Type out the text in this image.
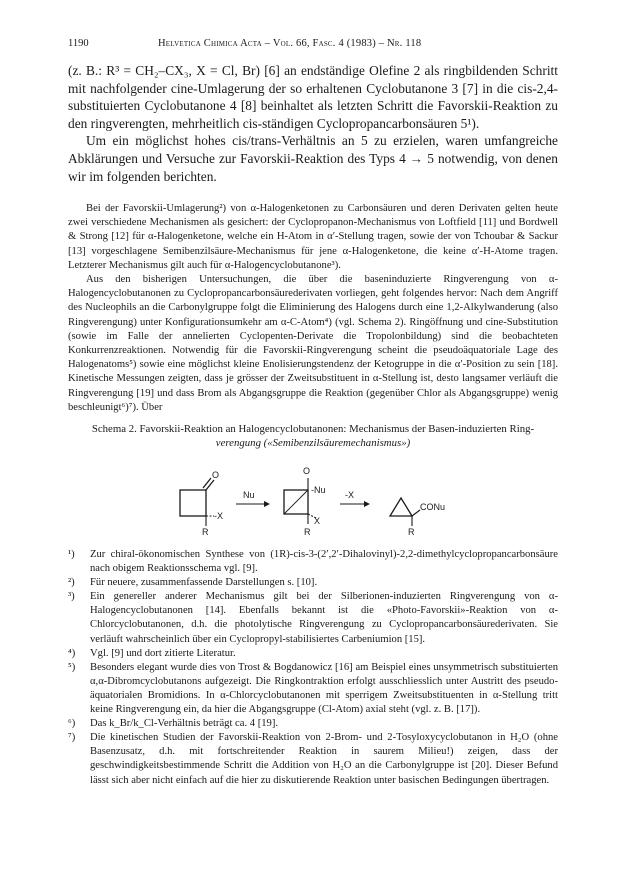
1190	Helvetica Chimica Acta – Vol. 66, Fasc. 4 (1983) – Nr. 118

(z. B.: R³ = CH₂–CX₃, X = Cl, Br) [6] an endständige Olefine 2 als ringbildenden Schritt mit nachfolgender cine-Umlagerung der so erhaltenen Cyclobutanone 3 [7] in die cis-2,4-substituierten Cyclobutanone 4 [8] beinhaltet als letzten Schritt die Favorskii-Reaktion zu den ringverengten, mehrheitlich cis-ständigen Cyclopropancarbonsäuren 5¹).

Um ein möglichst hohes cis/trans-Verhältnis an 5 zu erzielen, waren umfangreiche Abklärungen und Versuche zur Favorskii-Reaktion des Typs 4 → 5 notwendig, von denen wir im folgenden berichten.

Bei der Favorskii-Umlagerung²) von α-Halogenketonen zu Carbonsäuren und deren Derivaten gelten heute zwei verschiedene Mechanismen als gesichert: der Cyclopropanon-Mechanismus von Loftfield [11] und Bordwell & Strong [12] für α-Halogenketone, welche ein H-Atom in α′-Stellung tragen, sowie der von Tchoubar & Sackur [13] vorgeschlagene Semibenzilsäure-Mechanismus für jene α-Halogenketone, die keine α′-H-Atome tragen. Letzterer Mechanismus gilt auch für α-Halogencyclobutanone³).

Aus den bisherigen Untersuchungen, die über die baseninduzierte Ringverengung von α-Halogencyclobutanonen zu Cyclopropancarbonsäurederivaten vorliegen, geht folgendes hervor: Nach dem Angriff des Nucleophils an die Carbonylgruppe folgt die Eliminierung des Halogens durch eine 1,2-Alkylwanderung (also Ringverengung) unter Konfigurationsumkehr am α-C-Atom⁴) (vgl. Schema 2). Ringöffnung und cine-Substitution (sowie im Falle der annelierten Cyclopenten-Derivate die Tropolonbildung) sind die beobachteten Konkurrenzreaktionen. Notwendig für die Favorskii-Ringverengung scheint die pseudoäquatoriale Lage des Halogenatoms⁵) sowie eine möglichst kleine Enolisierungstendenz der Ketogruppe in die α′-Position zu sein [18]. Kinetische Messungen zeigten, dass je grösser der Zweitsubstituent in α-Stellung ist, desto langsamer verläuft die Ringverengung [19] und dass Brom als Abgangsgruppe die Reaktion (gegenüber Chlor als Abgangsgruppe) wenig beschleunigt⁶)⁷). Über

Schema 2. Favorskii-Reaktion an Halogencyclobutanonen: Mechanismus der Basen-induzierten Ring-
verengung («Semibenzilsäuremechanismus»)
O
-X
R
Nu
O
-Nu
X
R
-X
CONu
R
¹) Zur chiral-ökonomischen Synthese von (1R)-cis-3-(2′,2′-Dihalovinyl)-2,2-dimethylcyclopropancarbonsäure nach obigem Reaktionsschema vgl. [9].
²) Für neuere, zusammenfassende Darstellungen s. [10].
³) Ein genereller anderer Mechanismus gilt bei der Silberionen-induzierten Ringverengung von α-Halogencyclobutanonen [14]. Ebenfalls bekannt ist die «Photo-Favorskii»-Reaktion von α-Chlorcyclobutanonen, d.h. die photolytische Ringverengung zu Cyclopropancarbonsäurederivaten. Sie verläuft wahrscheinlich über ein Cyclopropyl-stabilisiertes Carbeniumion [15].
⁴) Vgl. [9] und dort zitierte Literatur.
⁵) Besonders elegant wurde dies von Trost & Bogdanowicz [16] am Beispiel eines unsymmetrisch substituierten α,α-Dibromcyclobutanons aufgezeigt. Die Ringkontraktion erfolgt ausschliesslich unter Austritt des pseudo-äquatorialen Bromidions. In α-Chlorcyclobutanonen mit sperrigem Zweitsubstituenten in α-Stellung tritt keine Ringverengung ein, da hier die Abgangsgruppe (Cl-Atom) axial steht (vgl. z. B. [17]).
⁶) Das k_Br/k_Cl-Verhältnis beträgt ca. 4 [19].
⁷) Die kinetischen Studien der Favorskii-Reaktion von 2-Brom- und 2-Tosyloxycyclobutanon in H₂O (ohne Basenzusatz, d.h. mit fortschreitender Reaktion in saurem Milieu!) zeigen, dass der geschwindigkeitsbestimmende Schritt die Addition von H₂O an die Carbonylgruppe ist [20]. Dieser Befund lässt sich aber nicht einfach auf die hier zu diskutierende Reaktion unter basischen Bedingungen übertragen.
